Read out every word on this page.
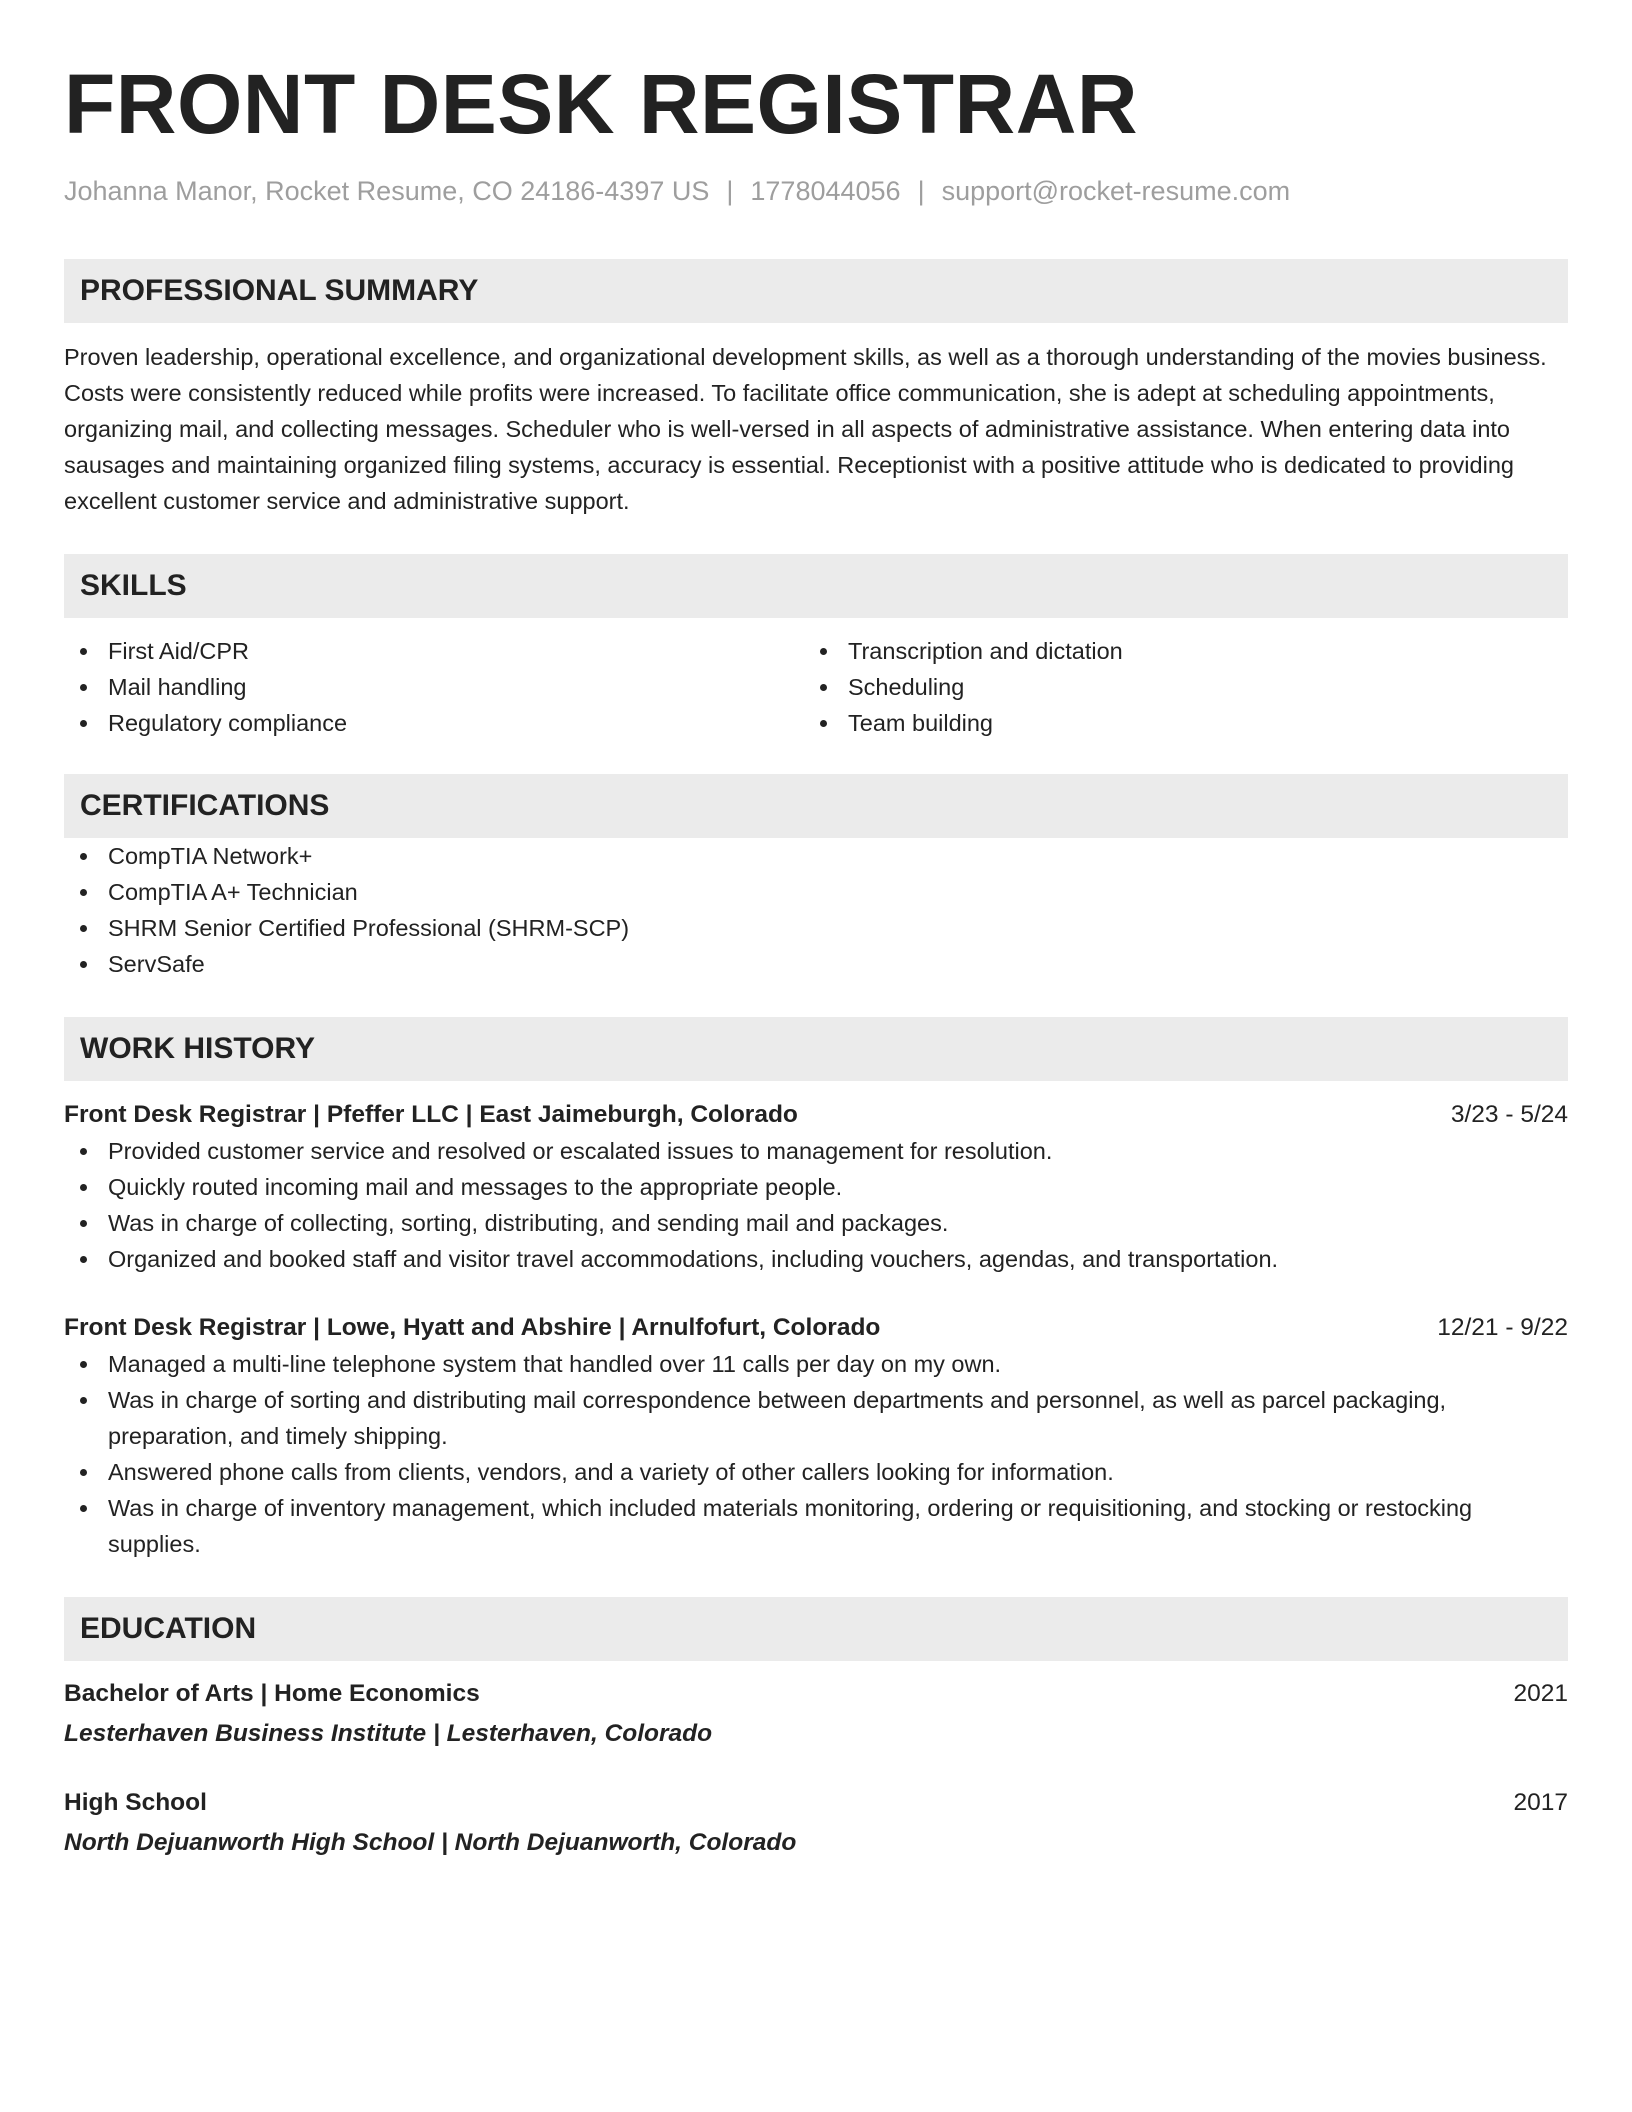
FRONT DESK REGISTRAR
Johanna Manor, Rocket Resume, CO 24186-4397 US | 1778044056 | support@rocket-resume.com
PROFESSIONAL SUMMARY
Proven leadership, operational excellence, and organizational development skills, as well as a thorough understanding of the movies business. Costs were consistently reduced while profits were increased. To facilitate office communication, she is adept at scheduling appointments, organizing mail, and collecting messages. Scheduler who is well-versed in all aspects of administrative assistance. When entering data into sausages and maintaining organized filing systems, accuracy is essential. Receptionist with a positive attitude who is dedicated to providing excellent customer service and administrative support.
SKILLS
First Aid/CPR
Mail handling
Regulatory compliance
Transcription and dictation
Scheduling
Team building
CERTIFICATIONS
CompTIA Network+
CompTIA A+ Technician
SHRM Senior Certified Professional (SHRM-SCP)
ServSafe
WORK HISTORY
Front Desk Registrar | Pfeffer LLC | East Jaimeburgh, Colorado	3/23 - 5/24
Provided customer service and resolved or escalated issues to management for resolution.
Quickly routed incoming mail and messages to the appropriate people.
Was in charge of collecting, sorting, distributing, and sending mail and packages.
Organized and booked staff and visitor travel accommodations, including vouchers, agendas, and transportation.
Front Desk Registrar | Lowe, Hyatt and Abshire | Arnulfofurt, Colorado	12/21 - 9/22
Managed a multi-line telephone system that handled over 11 calls per day on my own.
Was in charge of sorting and distributing mail correspondence between departments and personnel, as well as parcel packaging, preparation, and timely shipping.
Answered phone calls from clients, vendors, and a variety of other callers looking for information.
Was in charge of inventory management, which included materials monitoring, ordering or requisitioning, and stocking or restocking supplies.
EDUCATION
Bachelor of Arts | Home Economics	2021
Lesterhaven Business Institute | Lesterhaven, Colorado
High School	2017
North Dejuanworth High School | North Dejuanworth, Colorado
